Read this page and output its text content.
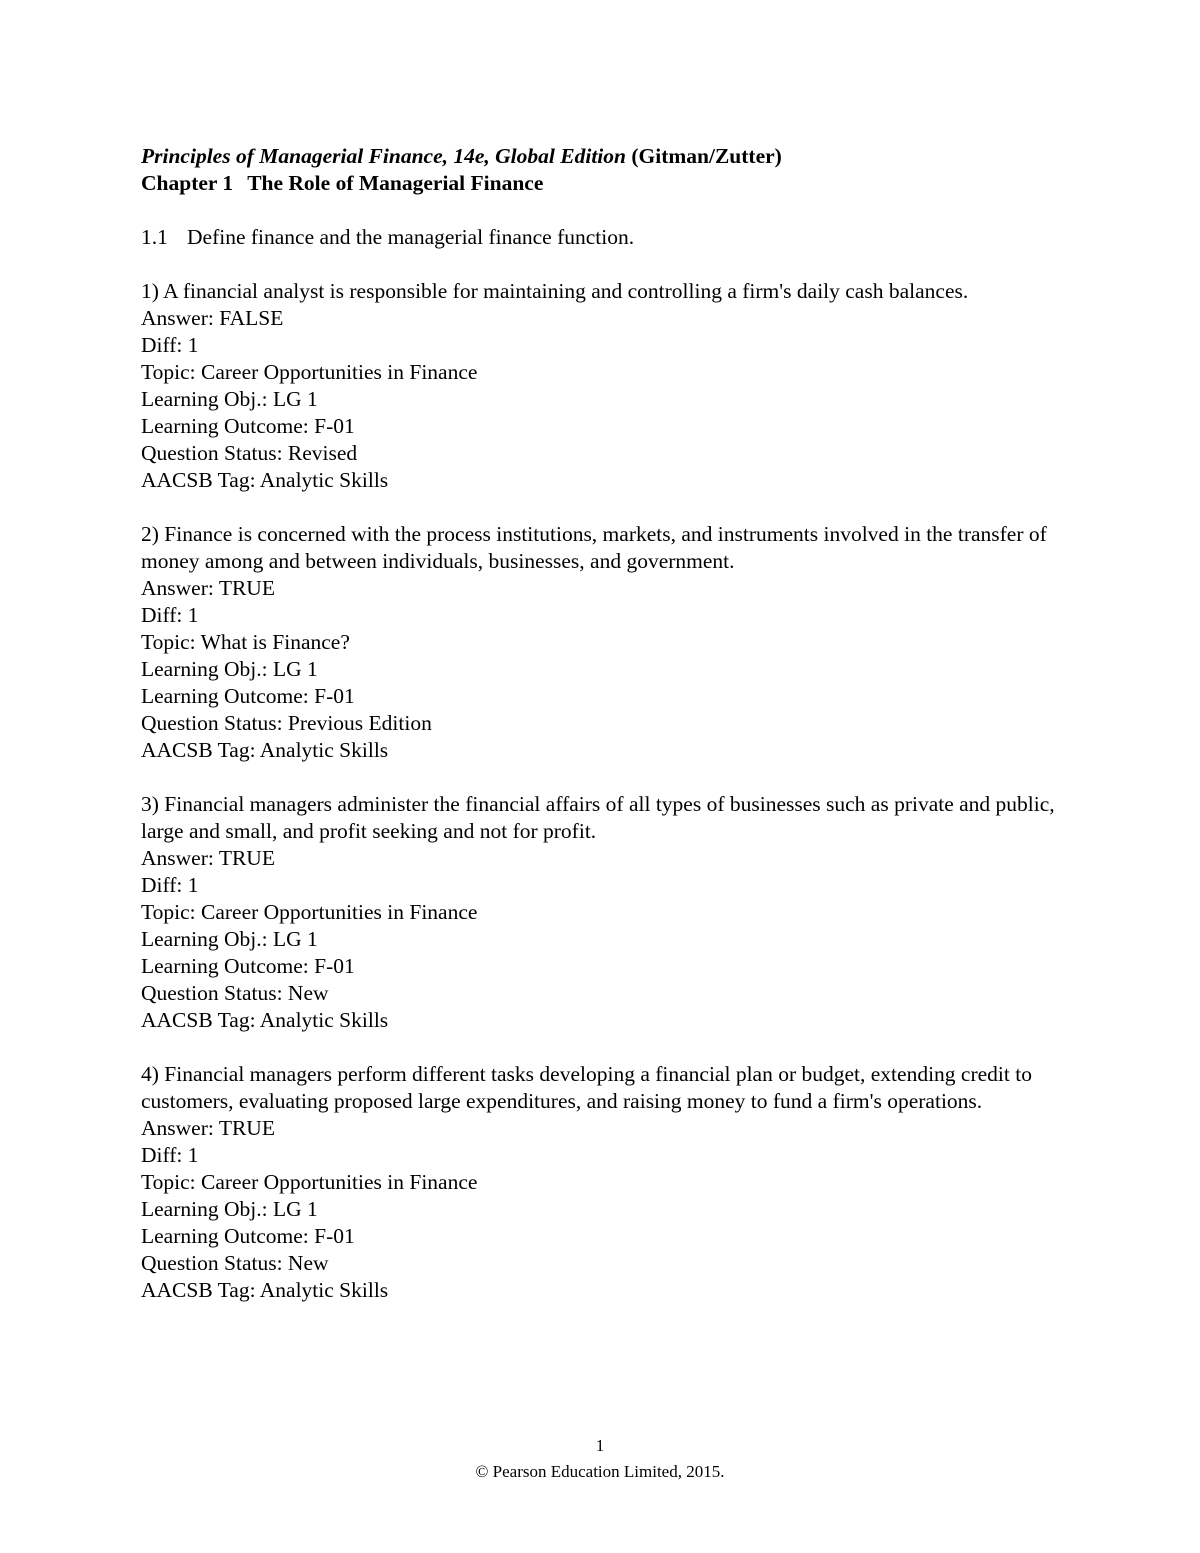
Principles of Managerial Finance, 14e, Global Edition (Gitman/Zutter)

Chapter 1 The Role of Managerial Finance

1.1 Define finance and the managerial finance function.

1) A financial analyst is responsible for maintaining and controlling a firm's daily cash balances.

Answer: FALSE

Diff: 1

Topic: Career Opportunities in Finance

Learning Obj.: LG 1

Learning Outcome: F-01

Question Status: Revised

AACSB Tag: Analytic Skills

2) Finance is concerned with the process institutions, markets, and instruments involved in the transfer of money among and between individuals, businesses, and government.

Answer: TRUE

Diff: 1

Topic: What is Finance?

Learning Obj.: LG 1

Learning Outcome: F-01

Question Status: Previous Edition

AACSB Tag: Analytic Skills

3) Financial managers administer the financial affairs of all types of businesses such as private and public, large and small, and profit seeking and not for profit.

Answer: TRUE

Diff: 1

Topic: Career Opportunities in Finance

Learning Obj.: LG 1

Learning Outcome: F-01

Question Status: New

AACSB Tag: Analytic Skills

4) Financial managers perform different tasks developing a financial plan or budget, extending credit to customers, evaluating proposed large expenditures, and raising money to fund a firm's operations.

Answer: TRUE

Diff: 1

Topic: Career Opportunities in Finance

Learning Obj.: LG 1

Learning Outcome: F-01

Question Status: New

AACSB Tag: Analytic Skills

1
© Pearson Education Limited, 2015.
